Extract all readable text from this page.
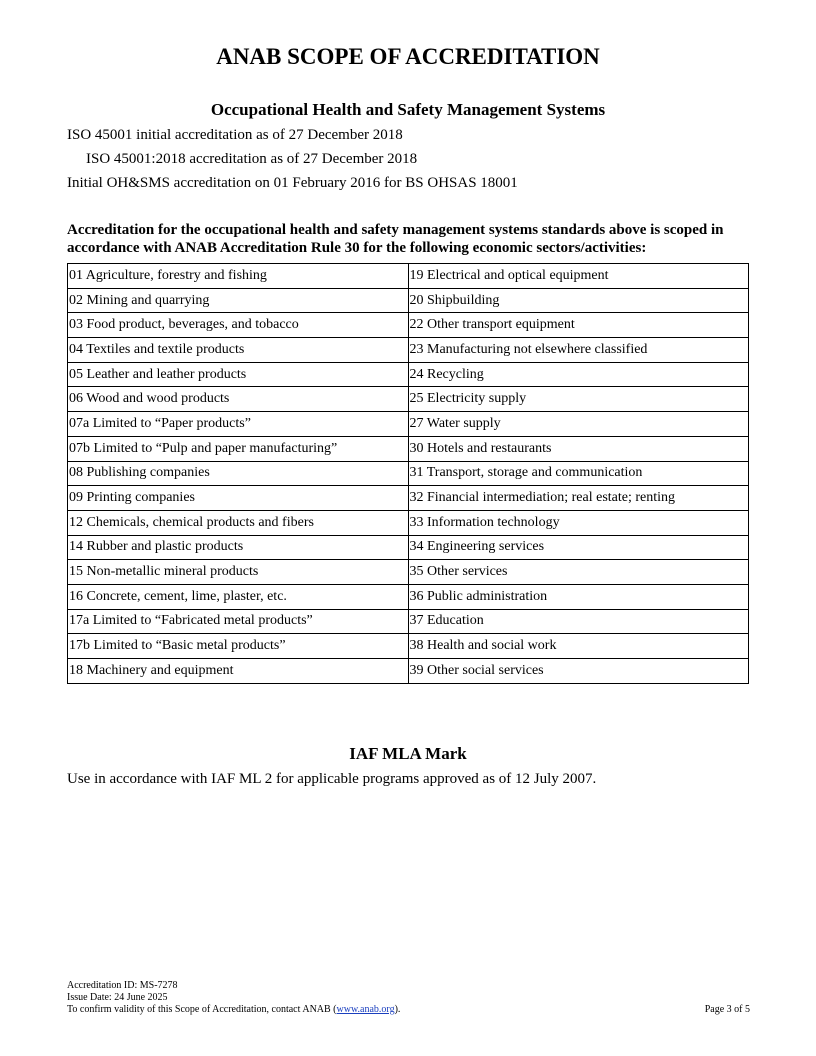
ANAB SCOPE OF ACCREDITATION
Occupational Health and Safety Management Systems
ISO 45001 initial accreditation as of 27 December 2018
ISO 45001:2018 accreditation as of 27 December 2018
Initial OH&SMS accreditation on 01 February 2016 for BS OHSAS 18001
Accreditation for the occupational health and safety management systems standards above is scoped in accordance with ANAB Accreditation Rule 30 for the following economic sectors/activities:
01 Agriculture, forestry and fishing	19 Electrical and optical equipment
02 Mining and quarrying	20 Shipbuilding
03 Food product, beverages, and tobacco	22 Other transport equipment
04 Textiles and textile products	23 Manufacturing not elsewhere classified
05 Leather and leather products	24 Recycling
06 Wood and wood products	25 Electricity supply
07a Limited to “Paper products”	27 Water supply
07b Limited to “Pulp and paper manufacturing”	30 Hotels and restaurants
08 Publishing companies	31 Transport, storage and communication
09 Printing companies	32 Financial intermediation; real estate; renting
12 Chemicals, chemical products and fibers	33 Information technology
14 Rubber and plastic products	34 Engineering services
15 Non-metallic mineral products	35 Other services
16 Concrete, cement, lime, plaster, etc.	36 Public administration
17a Limited to “Fabricated metal products”	37 Education
17b Limited to “Basic metal products”	38 Health and social work
18 Machinery and equipment	39 Other social services
IAF MLA Mark
Use in accordance with IAF ML 2 for applicable programs approved as of 12 July 2007.
Accreditation ID: MS-7278
Issue Date: 24 June 2025
To confirm validity of this Scope of Accreditation, contact ANAB (www.anab.org).	Page 3 of 5
